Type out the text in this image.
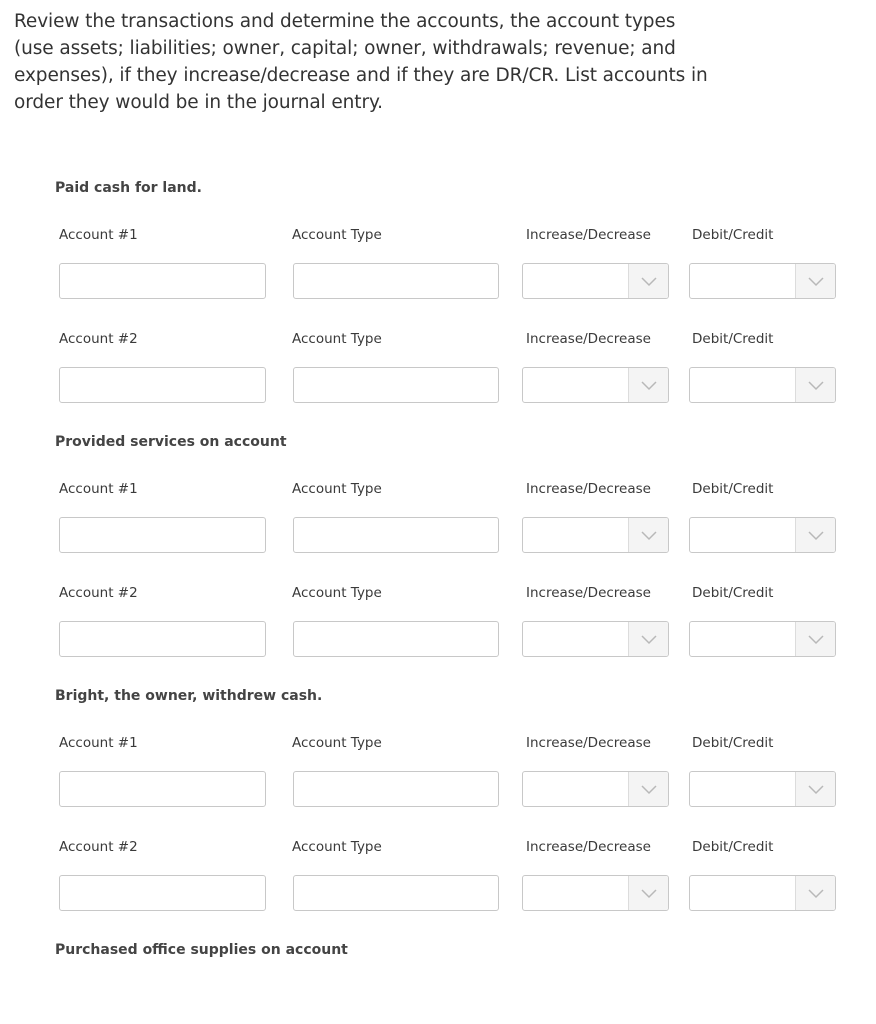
Review the transactions and determine the accounts, the account types (use assets; liabilities; owner, capital; owner, withdrawals; revenue; and expenses), if they increase/decrease and if they are DR/CR. List accounts in order they would be in the journal entry.
Paid cash for land.
Account #1	Account Type	Increase/Decrease	Debit/Credit
Account #2	Account Type	Increase/Decrease	Debit/Credit
Provided services on account
Account #1	Account Type	Increase/Decrease	Debit/Credit
Account #2	Account Type	Increase/Decrease	Debit/Credit
Bright, the owner, withdrew cash.
Account #1	Account Type	Increase/Decrease	Debit/Credit
Account #2	Account Type	Increase/Decrease	Debit/Credit
Purchased office supplies on account
